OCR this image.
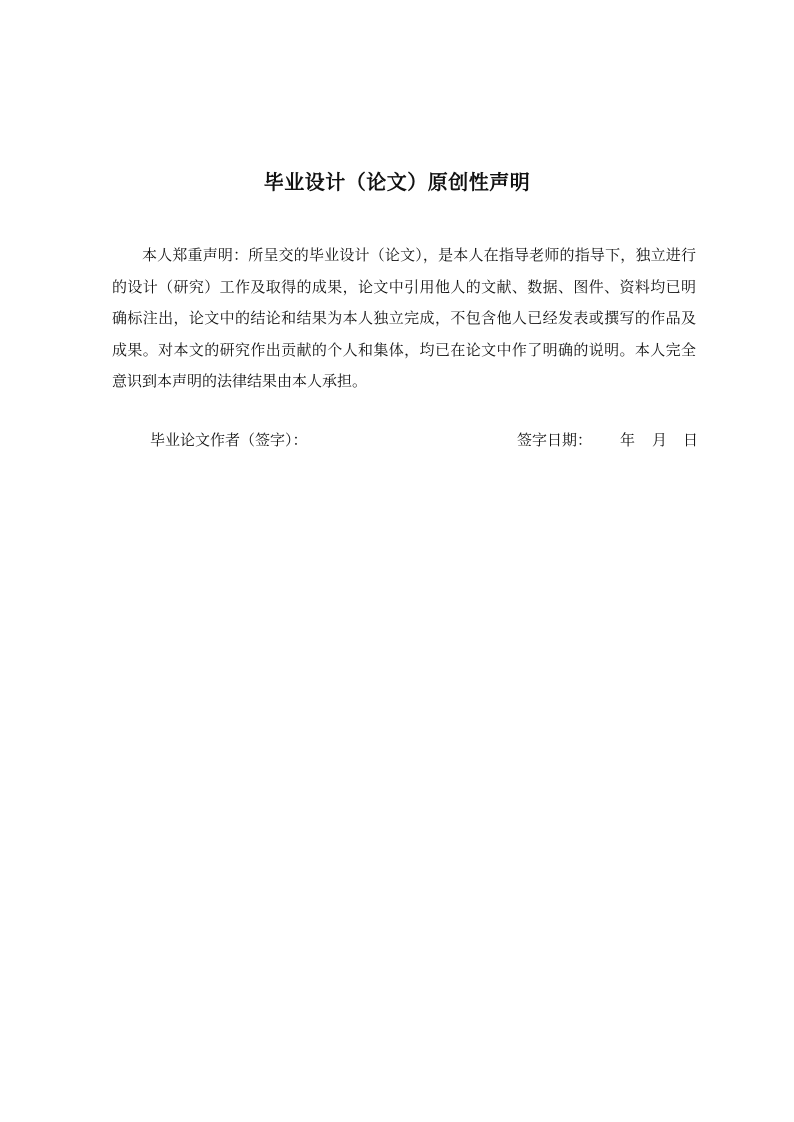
毕业设计（论文）原创性声明

本人郑重声明：所呈交的毕业设计（论文），是本人在指导老师的指导下，独立进行的设计（研究）工作及取得的成果，论文中引用他人的文献、数据、图件、资料均已明确标注出，论文中的结论和结果为本人独立完成，不包含他人已经发表或撰写的作品及成果。对本文的研究作出贡献的个人和集体，均已在论文中作了明确的说明。本人完全意识到本声明的法律结果由本人承担。

毕业论文作者（签字）：	签字日期： 年 月 日
